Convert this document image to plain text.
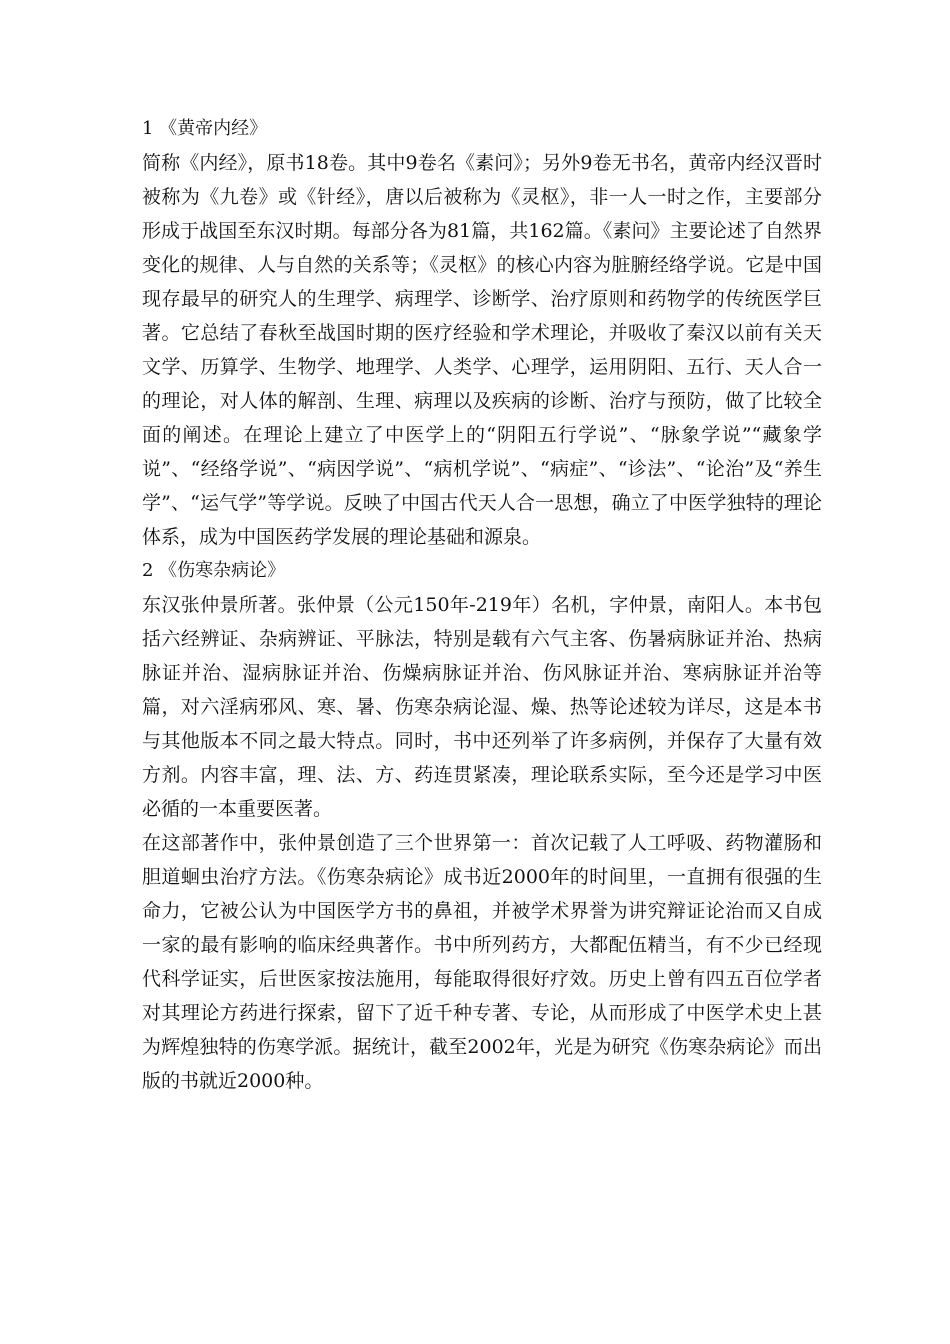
1 《黄帝内经》

简称《内经》，原书18卷。其中9卷名《素问》；另外9卷无书名，黄帝内经汉晋时被称为《九卷》或《针经》，唐以后被称为《灵枢》，非一人一时之作，主要部分形成于战国至东汉时期。每部分各为81篇，共162篇。《素问》主要论述了自然界变化的规律、人与自然的关系等；《灵枢》的核心内容为脏腑经络学说。它是中国现存最早的研究人的生理学、病理学、诊断学、治疗原则和药物学的传统医学巨著。它总结了春秋至战国时期的医疗经验和学术理论，并吸收了秦汉以前有关天文学、历算学、生物学、地理学、人类学、心理学，运用阴阳、五行、天人合一的理论，对人体的解剖、生理、病理以及疾病的诊断、治疗与预防，做了比较全面的阐述。在理论上建立了中医学上的“阴阳五行学说”、“脉象学说”“藏象学说”、“经络学说”、“病因学说”、“病机学说”、“病症”、“诊法”、“论治”及“养生学”、“运气学”等学说。反映了中国古代天人合一思想，确立了中医学独特的理论体系，成为中国医药学发展的理论基础和源泉。

2 《伤寒杂病论》

东汉张仲景所著。张仲景（公元150年-219年）名机，字仲景，南阳人。本书包括六经辨证、杂病辨证、平脉法，特别是载有六气主客、伤暑病脉证并治、热病脉证并治、湿病脉证并治、伤燥病脉证并治、伤风脉证并治、寒病脉证并治等篇，对六淫病邪风、寒、暑、伤寒杂病论湿、燥、热等论述较为详尽，这是本书与其他版本不同之最大特点。同时，书中还列举了许多病例，并保存了大量有效方剂。内容丰富，理、法、方、药连贯紧凑，理论联系实际，至今还是学习中医必循的一本重要医著。

在这部著作中，张仲景创造了三个世界第一：首次记载了人工呼吸、药物灌肠和胆道蛔虫治疗方法。《伤寒杂病论》成书近2000年的时间里，一直拥有很强的生命力，它被公认为中国医学方书的鼻祖，并被学术界誉为讲究辩证论治而又自成一家的最有影响的临床经典著作。书中所列药方，大都配伍精当，有不少已经现代科学证实，后世医家按法施用，每能取得很好疗效。历史上曾有四五百位学者对其理论方药进行探索，留下了近千种专著、专论，从而形成了中医学术史上甚为辉煌独特的伤寒学派。据统计，截至2002年，光是为研究《伤寒杂病论》而出版的书就近2000种。
